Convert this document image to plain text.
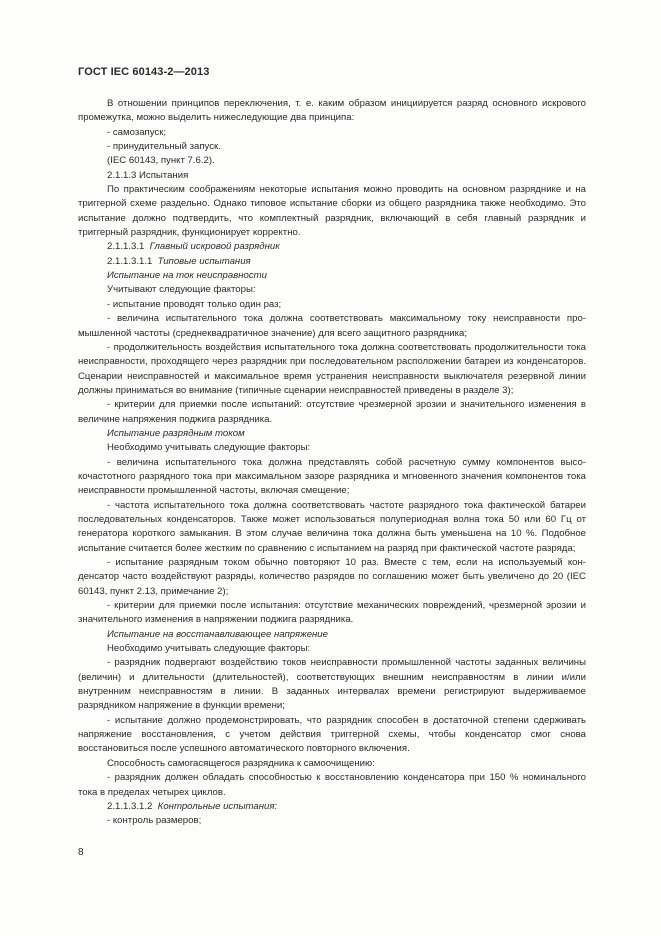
ГОСТ IEC 60143-2—2013

В отношении принципов переключения, т. е. каким образом инициируется разряд основного искрового промежутка, можно выделить нижеследующие два принципа:

- самозапуск;

- принудительный запуск.

(IEC 60143, пункт 7.6.2).

2.1.1.3 Испытания

По практическим соображениям некоторые испытания можно проводить на основном разряднике и на триггерной схеме раздельно. Однако типовое испытание сборки из общего разрядника также необходимо. Это испытание должно подтвердить, что комплектный разрядник, включающий в себя главный разрядник и триггерный разрядник, функционирует корректно.

2.1.1.3.1  Главный искровой разрядник

2.1.1.3.1.1  Типовые испытания

Испытание на ток неисправности

Учитывают следующие факторы:

- испытание проводят только один раз;

- величина испытательного тока должна соответствовать максимальному току неисправности промышленной частоты (среднеквадратичное значение) для всего защитного разрядника;

- продолжительность воздействия испытательного тока должна соответствовать продолжительности тока неисправности, проходящего через разрядник при последовательном расположении батареи из конденсаторов. Сценарии неисправностей и максимальное время устранения неисправности выключателя резервной линии должны приниматься во внимание (типичные сценарии неисправностей приведены в разделе 3);

- критерии для приемки после испытаний: отсутствие чрезмерной эрозии и значительного изменения в величине напряжения поджига разрядника.

Испытание разрядным током

Необходимо учитывать следующие факторы:

- величина испытательного тока должна представлять собой расчетную сумму компонентов высокочастотного разрядного тока при максимальном зазоре разрядника и мгновенного значения компонентов тока неисправности промышленной частоты, включая смещение;

- частота испытательного тока должна соответствовать частоте разрядного тока фактической батареи последовательных конденсаторов. Также может использоваться полупериодная волна тока 50 или 60 Гц от генератора короткого замыкания. В этом случае величина тока должна быть уменьшена на 10 %. Подобное испытание считается более жестким по сравнению с испытанием на разряд при фактической частоте разряда;

- испытание разрядным током обычно повторяют 10 раз. Вместе с тем, если на используемый конденсатор часто воздействуют разряды, количество разрядов по соглашению может быть увеличено до 20 (IEC 60143, пункт 2.13, примечание 2);

- критерии для приемки после испытания: отсутствие механических повреждений, чрезмерной эрозии и значительного изменения в напряжении поджига разрядника.

Испытание на восстанавливающее напряжение

Необходимо учитывать следующие факторы:

- разрядник подвергают воздействию токов неисправности промышленной частоты заданных величины (величин) и длительности (длительностей), соответствующих внешним неисправностям в линии и/или внутренним неисправностям в линии. В заданных интервалах времени регистрируют выдерживаемое разрядником напряжение в функции времени;

- испытание должно продемонстрировать, что разрядник способен в достаточной степени сдерживать напряжение восстановления, с учетом действия триггерной схемы, чтобы конденсатор смог снова восстановиться после успешного автоматического повторного включения.

Способность самогасящегося разрядника к самоочищению:

- разрядник должен обладать способностью к восстановлению конденсатора при 150 % номинального тока в пределах четырех циклов.

2.1.1.3.1.2  Контрольные испытания:

- контроль размеров;

8
